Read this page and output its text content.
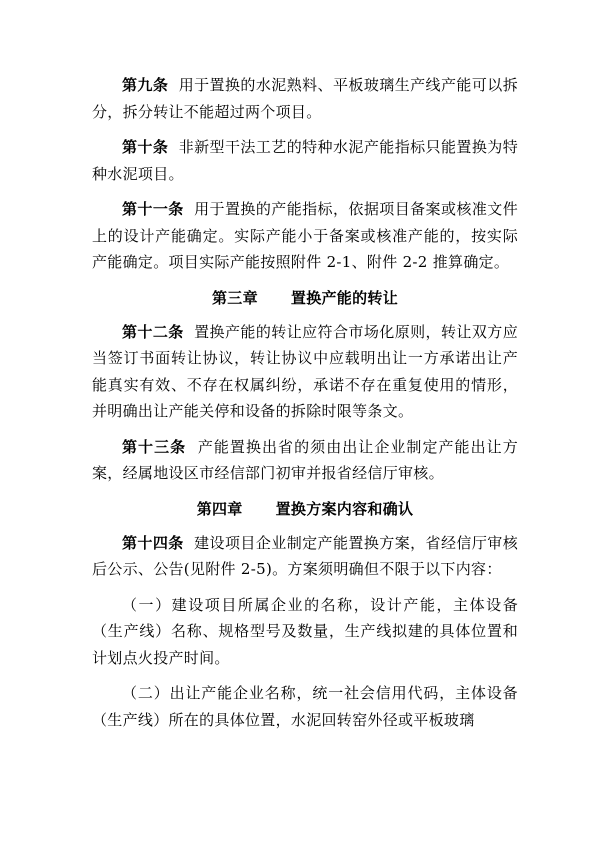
第九条 用于置换的水泥熟料、平板玻璃生产线产能可以拆分，拆分转让不能超过两个项目。

第十条 非新型干法工艺的特种水泥产能指标只能置换为特种水泥项目。

第十一条 用于置换的产能指标，依据项目备案或核准文件上的设计产能确定。实际产能小于备案或核准产能的，按实际产能确定。项目实际产能按照附件 2-1、附件 2-2 推算确定。

第三章 置换产能的转让

第十二条 置换产能的转让应符合市场化原则，转让双方应当签订书面转让协议，转让协议中应载明出让一方承诺出让产能真实有效、不存在权属纠纷，承诺不存在重复使用的情形，并明确出让产能关停和设备的拆除时限等条文。

第十三条 产能置换出省的须由出让企业制定产能出让方案，经属地设区市经信部门初审并报省经信厅审核。

第四章 置换方案内容和确认

第十四条 建设项目企业制定产能置换方案，省经信厅审核后公示、公告(见附件 2-5)。方案须明确但不限于以下内容：

（一）建设项目所属企业的名称，设计产能，主体设备（生产线）名称、规格型号及数量，生产线拟建的具体位置和计划点火投产时间。

（二）出让产能企业名称，统一社会信用代码，主体设备（生产线）所在的具体位置，水泥回转窑外径或平板玻璃
